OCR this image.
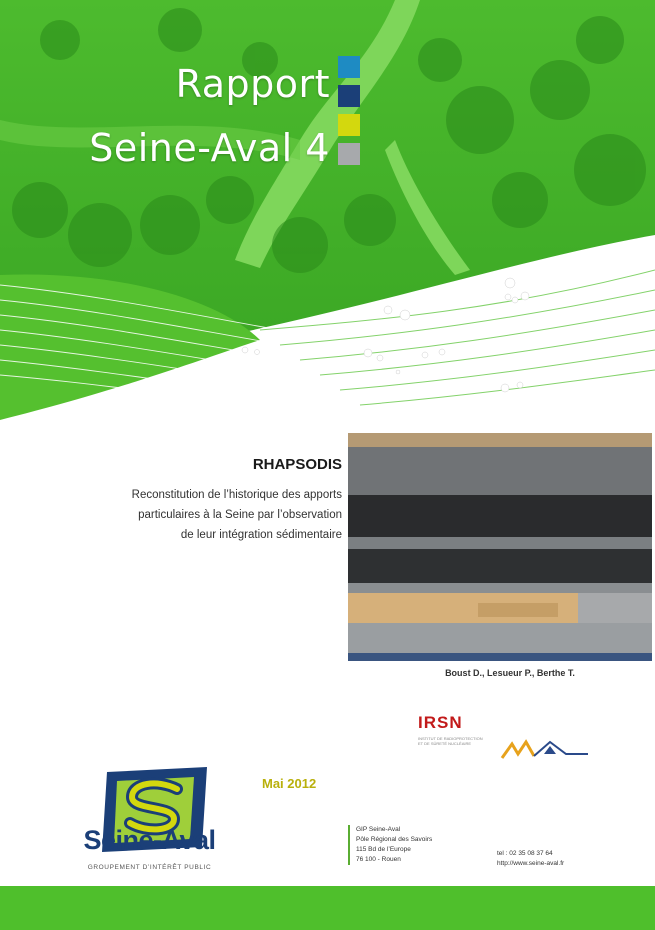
Rapport
Seine-Aval 4
RHAPSODIS
Reconstitution de l’historique des apports
particulaires à la Seine par l’observation
de leur intégration sédimentaire
Boust D., Lesueur P., Berthe T.
Seine-Aval
GROUPEMENT D’INTÉRÊT PUBLIC
Mai 2012
IRSN
INSTITUT DE RADIOPROTECTION ET DE SÛRETÉ NUCLÉAIRE
GIP Seine-Aval
Pôle Régional des Savoirs
115 Bd de l’Europe
76 100 - Rouen
tel : 02 35 08 37 64
http://www.seine-aval.fr
